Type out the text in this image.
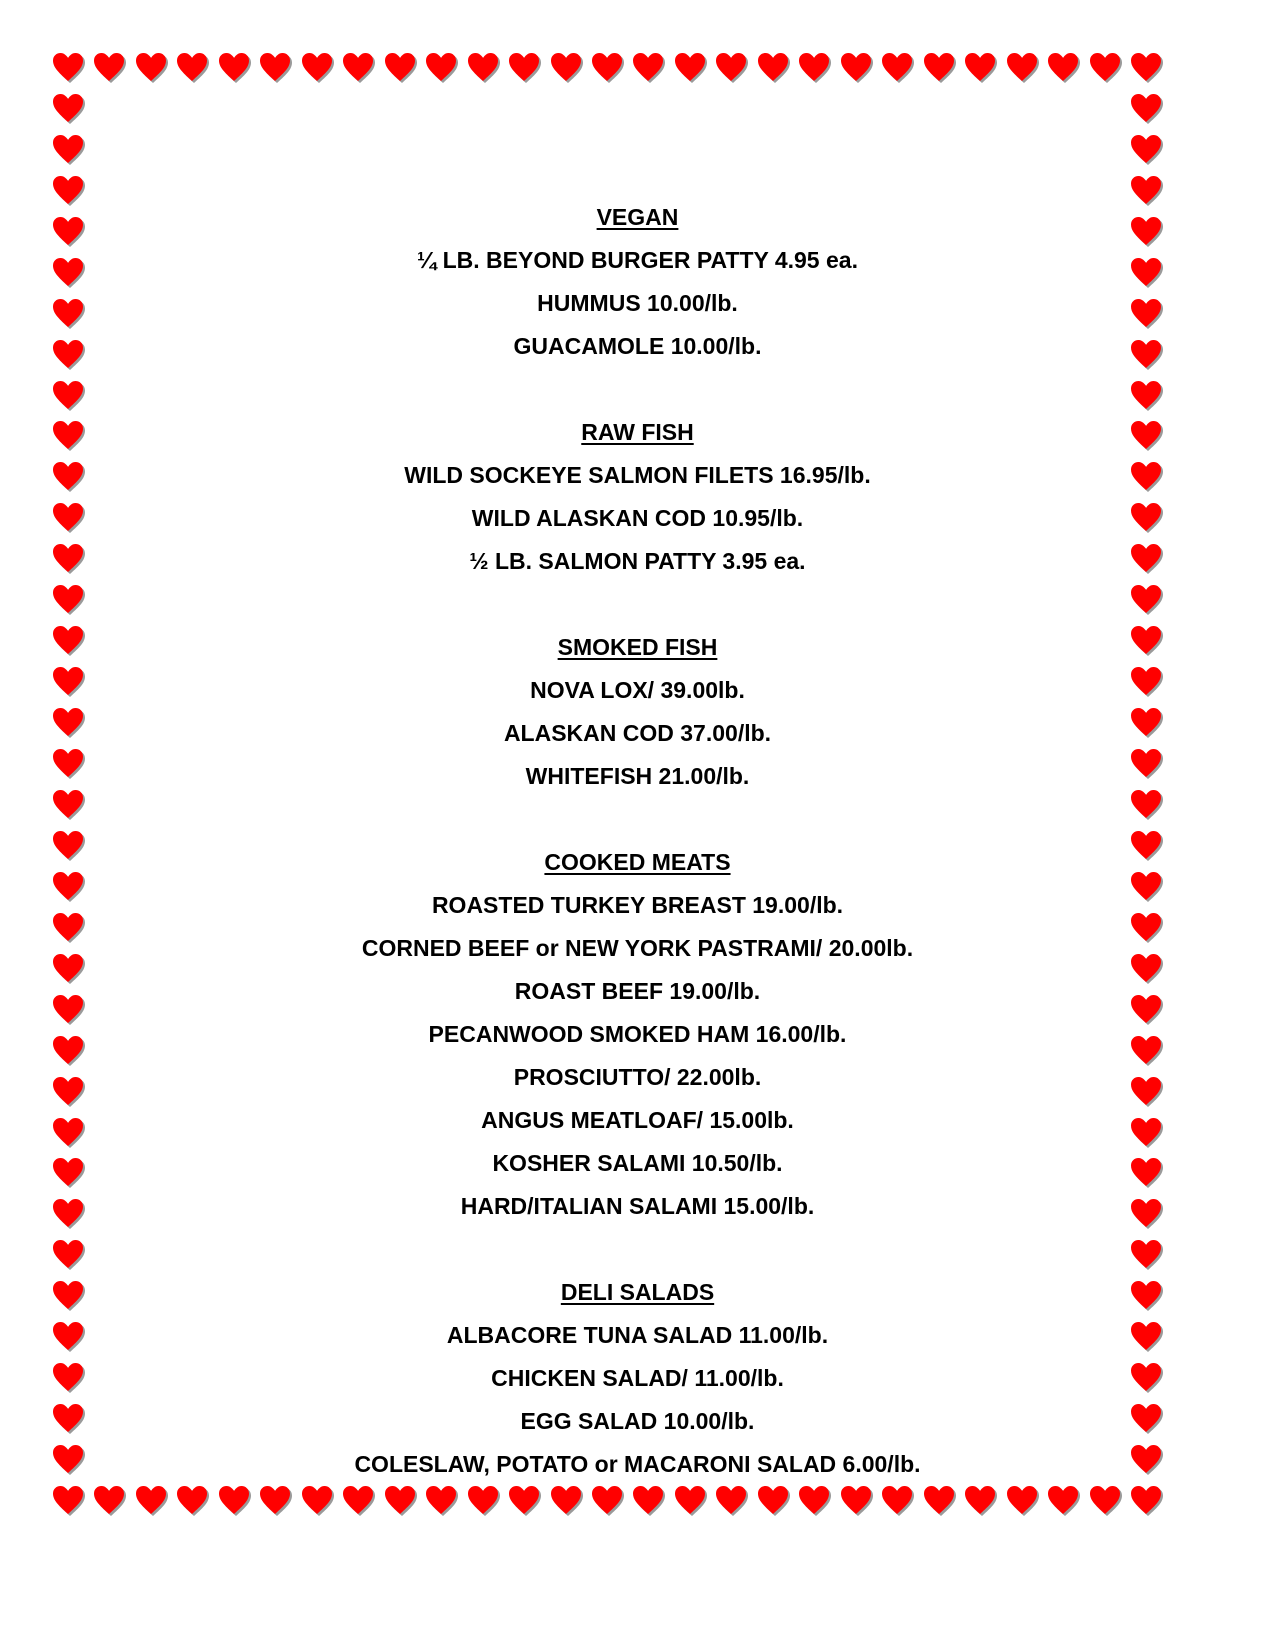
VEGAN

¼ LB. BEYOND BURGER PATTY 4.95 ea.

HUMMUS 10.00/lb.

GUACAMOLE 10.00/lb.

RAW FISH

WILD SOCKEYE SALMON FILETS 16.95/lb.

WILD ALASKAN COD 10.95/lb.

½ LB. SALMON PATTY 3.95 ea.

SMOKED FISH

NOVA LOX/ 39.00lb.

ALASKAN COD 37.00/lb.

WHITEFISH 21.00/lb.

COOKED MEATS

ROASTED TURKEY BREAST 19.00/lb.

CORNED BEEF or NEW YORK PASTRAMI/ 20.00lb.

ROAST BEEF 19.00/lb.

PECANWOOD SMOKED HAM 16.00/lb.

PROSCIUTTO/ 22.00lb.

ANGUS MEATLOAF/ 15.00lb.

KOSHER SALAMI 10.50/lb.

HARD/ITALIAN SALAMI 15.00/lb.

DELI SALADS

ALBACORE TUNA SALAD 11.00/lb.

CHICKEN SALAD/ 11.00/lb.

EGG SALAD 10.00/lb.

COLESLAW, POTATO or MACARONI SALAD 6.00/lb.
